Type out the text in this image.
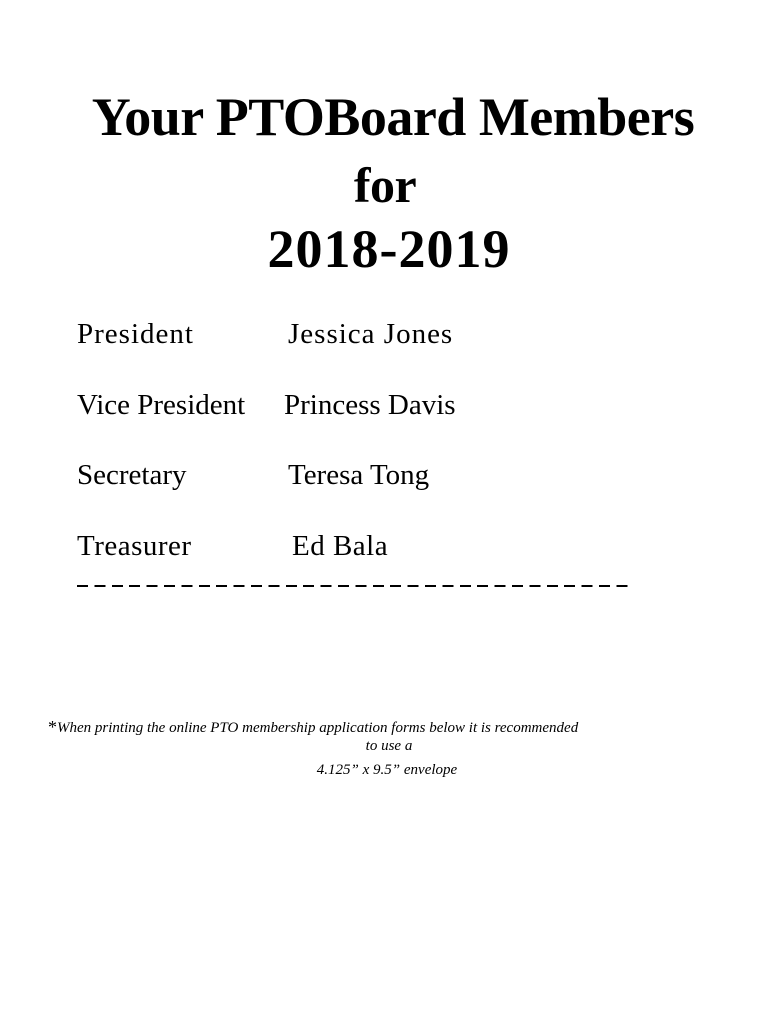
Your PTOBoard Members
for
2018-2019
President	Jessica Jones
Vice President Princess Davis
Secretary	Teresa Tong
Treasurer	Ed Bala
*When printing the online PTO membership application forms below it is recommended
to use a
4.125” x 9.5” envelope
